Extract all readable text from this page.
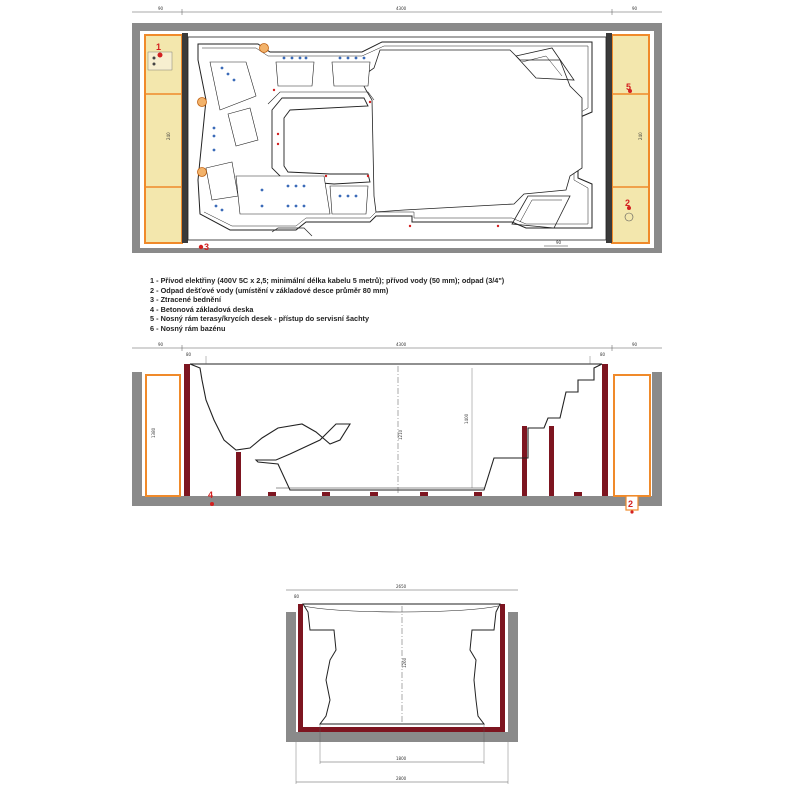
90	4300	90
240	240
90
1
5
2
3
90	4300	90
80	80
1380
1400
1210
4
2
2650
80
1260
1800
2800
1 - Přívod elektřiny (400V 5C x 2,5; minimální délka kabelu 5 metrů); přívod vody (50 mm); odpad (3/4")
2 - Odpad dešťové vody (umístění v základové desce průměr 80 mm)
3 - Ztracené bednění
4 - Betonová základová deska
5 - Nosný rám terasy/krycích desek - přístup do servisní šachty
6 - Nosný rám bazénu
